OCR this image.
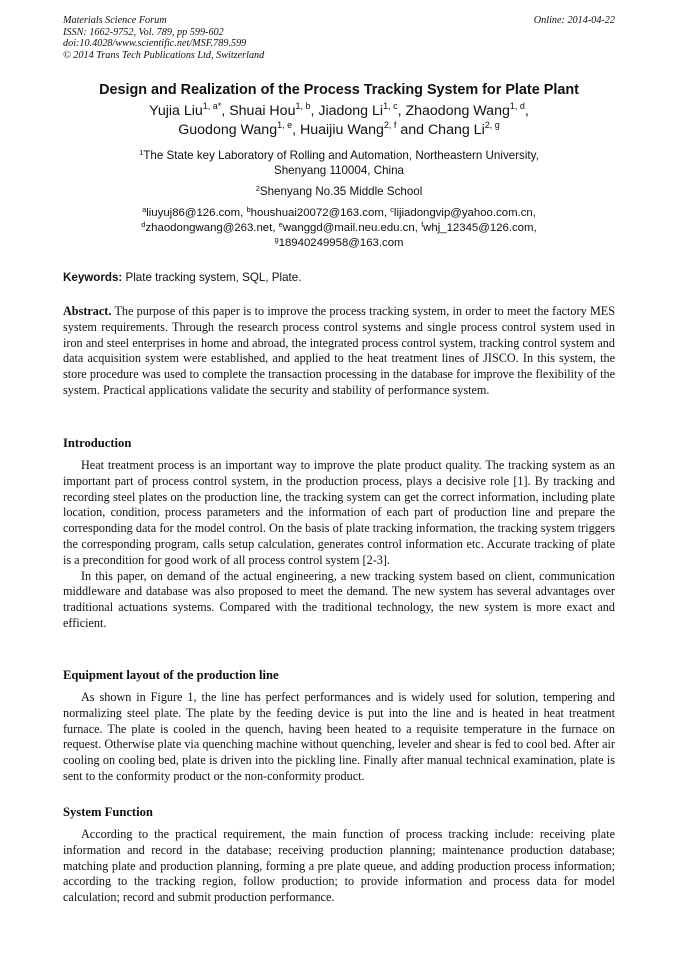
Materials Science Forum
ISSN: 1662-9752, Vol. 789, pp 599-602
doi:10.4028/www.scientific.net/MSF.789.599
© 2014 Trans Tech Publications Ltd, Switzerland
Online: 2014-04-22
Design and Realization of the Process Tracking System for Plate Plant
Yujia Liu$^{1, a*}$, Shuai Hou$^{1, b}$, Jiadong Li$^{1, c}$, Zhaodong Wang$^{1, d}$,
Guodong Wang$^{1, e}$, Huaijiu Wang$^{2, f}$ and Chang Li$^{2, g}$
$^1$The State key Laboratory of Rolling and Automation, Northeastern University,
Shenyang 110004, China
$^2$Shenyang No.35 Middle School
$^a$liuyuj86@126.com, $^b$houshuai20072@163.com, $^c$lijiadongvip@yahoo.com.cn,
$^d$zhaodongwang@263.net, $^e$wanggd@mail.neu.edu.cn, $^f$whj_12345@126.com,
$^g$18940249958@163.com
Keywords: Plate tracking system, SQL, Plate.

Abstract. The purpose of this paper is to improve the process tracking system, in order to meet the factory MES system requirements. Through the research process control systems and single process control system used in iron and steel enterprises in home and abroad, the integrated process control system, tracking control system and data acquisition system were established, and applied to the heat treatment lines of JISCO. In this system, the store procedure was used to complete the transaction processing in the database for improve the flexibility of the system. Practical applications validate the security and stability of performance system.

Introduction

Heat treatment process is an important way to improve the plate product quality. The tracking system as an important part of process control system, in the production process, plays a decisive role [1]. By tracking and recording steel plates on the production line, the tracking system can get the correct information, including plate location, condition, process parameters and the information of each part of production line and prepare the corresponding data for the model control. On the basis of plate tracking information, the tracking system triggers the corresponding program, calls setup calculation, generates control information etc. Accurate tracking of plate is a precondition for good work of all process control system [2-3].

In this paper, on demand of the actual engineering, a new tracking system based on client, communication middleware and database was also proposed to meet the demand. The new system has several advantages over traditional actuations systems. Compared with the traditional technology, the new system is more exact and efficient.

Equipment layout of the production line

As shown in Figure 1, the line has perfect performances and is widely used for solution, tempering and normalizing steel plate. The plate by the feeding device is put into the line and is heated in heat treatment furnace. The plate is cooled in the quench, having been heated to a requisite temperature in the furnace on request. Otherwise plate via quenching machine without quenching, leveler and shear is fed to cool bed. After air cooling on cooling bed, plate is driven into the pickling line. Finally after manual technical examination, plate is sent to the conformity product or the non-conformity product.

System Function

According to the practical requirement, the main function of process tracking include: receiving plate information and record in the database; receiving production planning; maintenance production database; matching plate and production planning, forming a pre plate queue, and adding production process information; according to the tracking region, follow production; to provide information and process data for model calculation; record and submit production performance.
